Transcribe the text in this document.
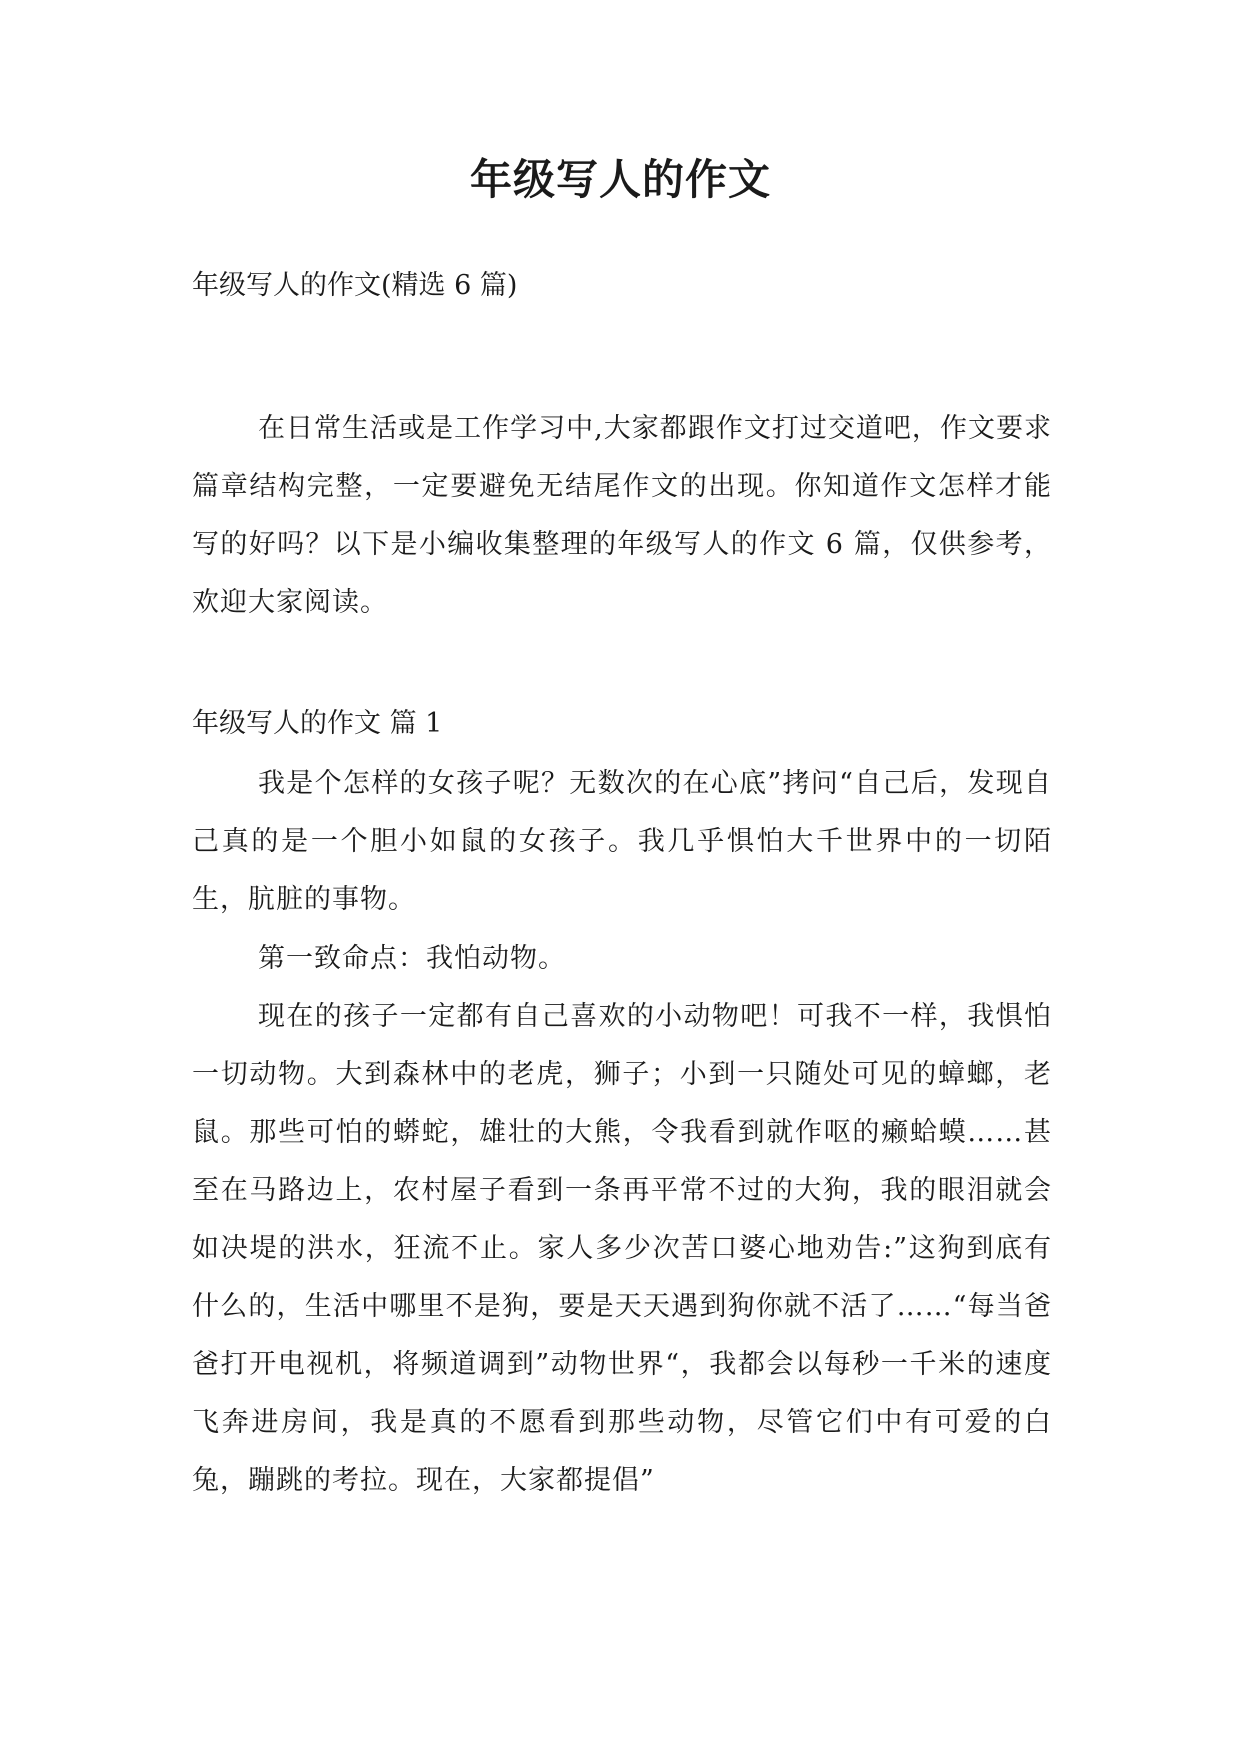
年级写人的作文

年级写人的作文(精选 6 篇)

在日常生活或是工作学习中,大家都跟作文打过交道吧，作文要求篇章结构完整，一定要避免无结尾作文的出现。你知道作文怎样才能写的好吗？以下是小编收集整理的年级写人的作文 6 篇，仅供参考，欢迎大家阅读。

年级写人的作文 篇 1

我是个怎样的女孩子呢？无数次的在心底”拷问“自己后，发现自己真的是一个胆小如鼠的女孩子。我几乎惧怕大千世界中的一切陌生，肮脏的事物。

第一致命点：我怕动物。

现在的孩子一定都有自己喜欢的小动物吧！可我不一样，我惧怕一切动物。大到森林中的老虎，狮子；小到一只随处可见的蟑螂，老鼠。那些可怕的蟒蛇，雄壮的大熊，令我看到就作呕的癞蛤蟆……甚至在马路边上，农村屋子看到一条再平常不过的大狗，我的眼泪就会如决堤的洪水，狂流不止。家人多少次苦口婆心地劝告:”这狗到底有什么的，生活中哪里不是狗，要是天天遇到狗你就不活了……“每当爸爸打开电视机，将频道调到”动物世界“，我都会以每秒一千米的速度飞奔进房间，我是真的不愿看到那些动物，尽管它们中有可爱的白兔，蹦跳的考拉。现在，大家都提倡”
